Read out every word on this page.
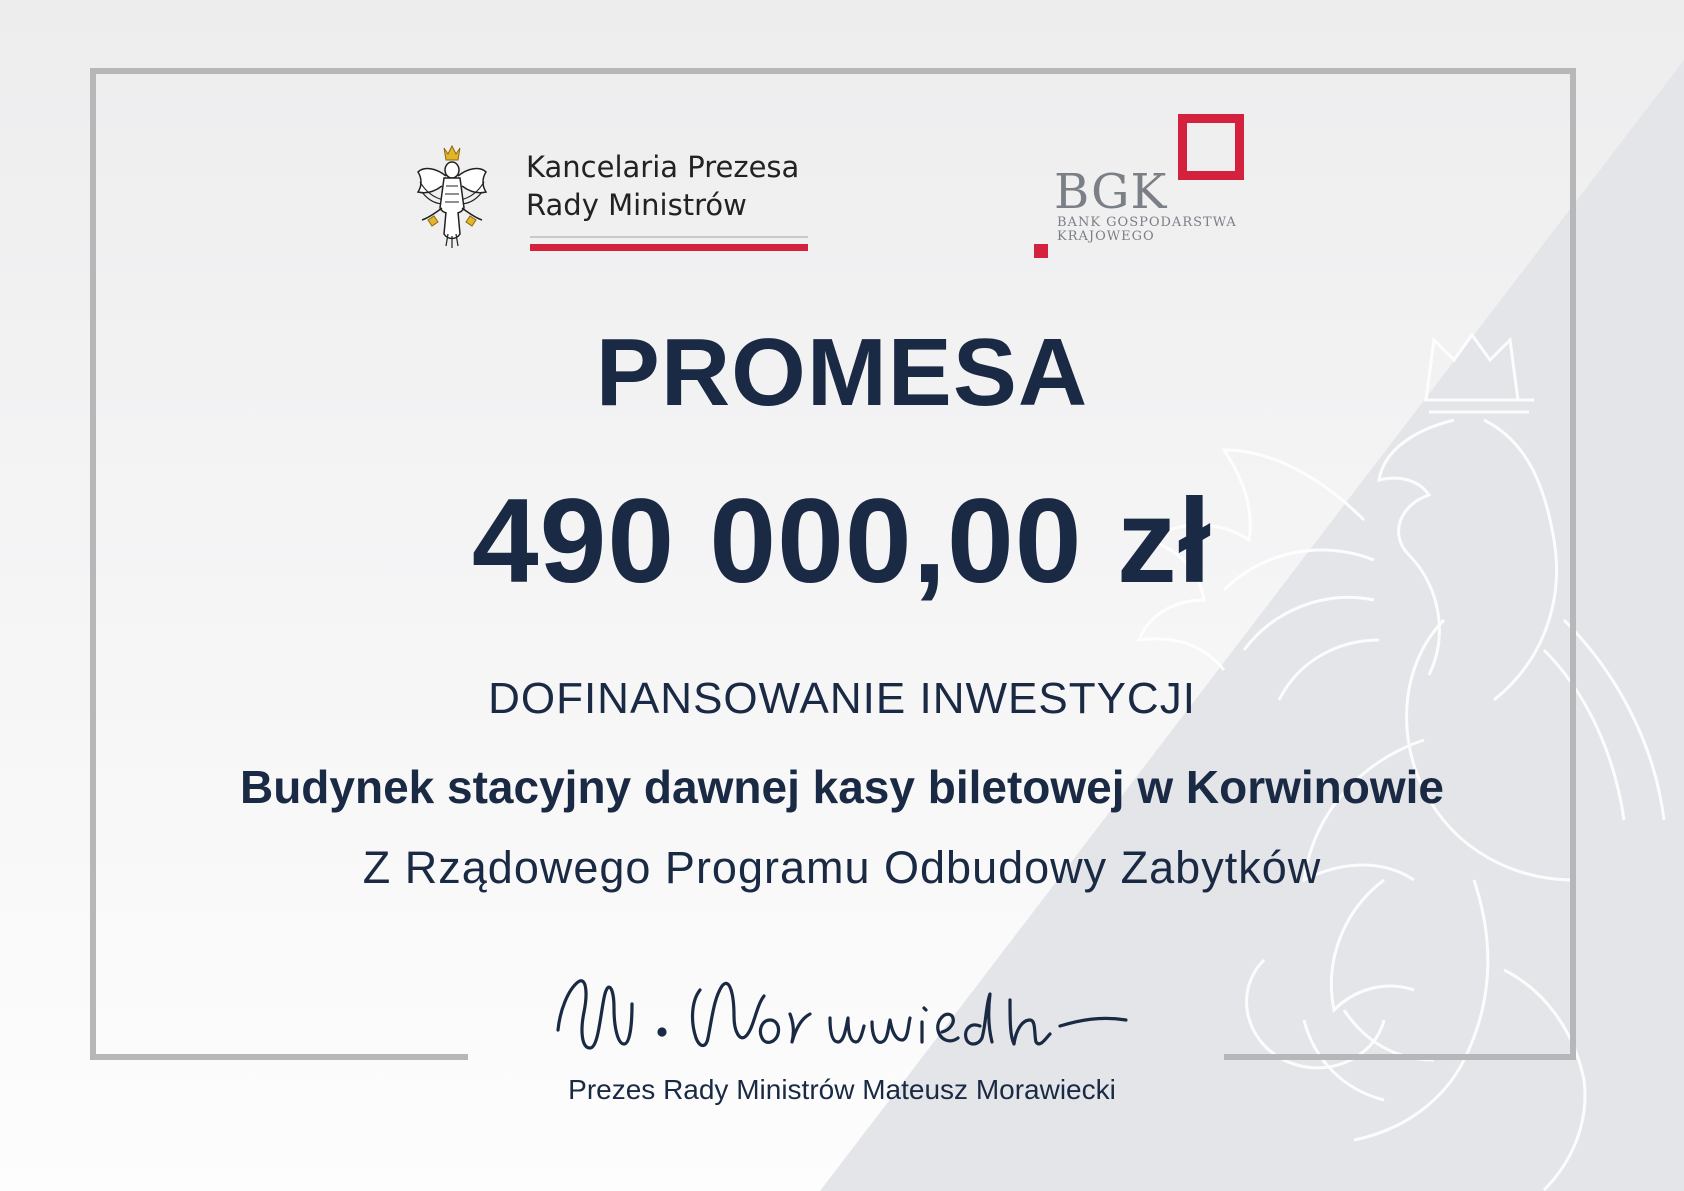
Kancelaria Prezesa
Rady Ministrów	BGK
BANK GOSPODARSTWA
KRAJOWEGO
PROMESA
490 000,00 zł
DOFINANSOWANIE INWESTYCJI
Budynek stacyjny dawnej kasy biletowej w Korwinowie
Z Rządowego Programu Odbudowy Zabytków
Prezes Rady Ministrów Mateusz Morawiecki
